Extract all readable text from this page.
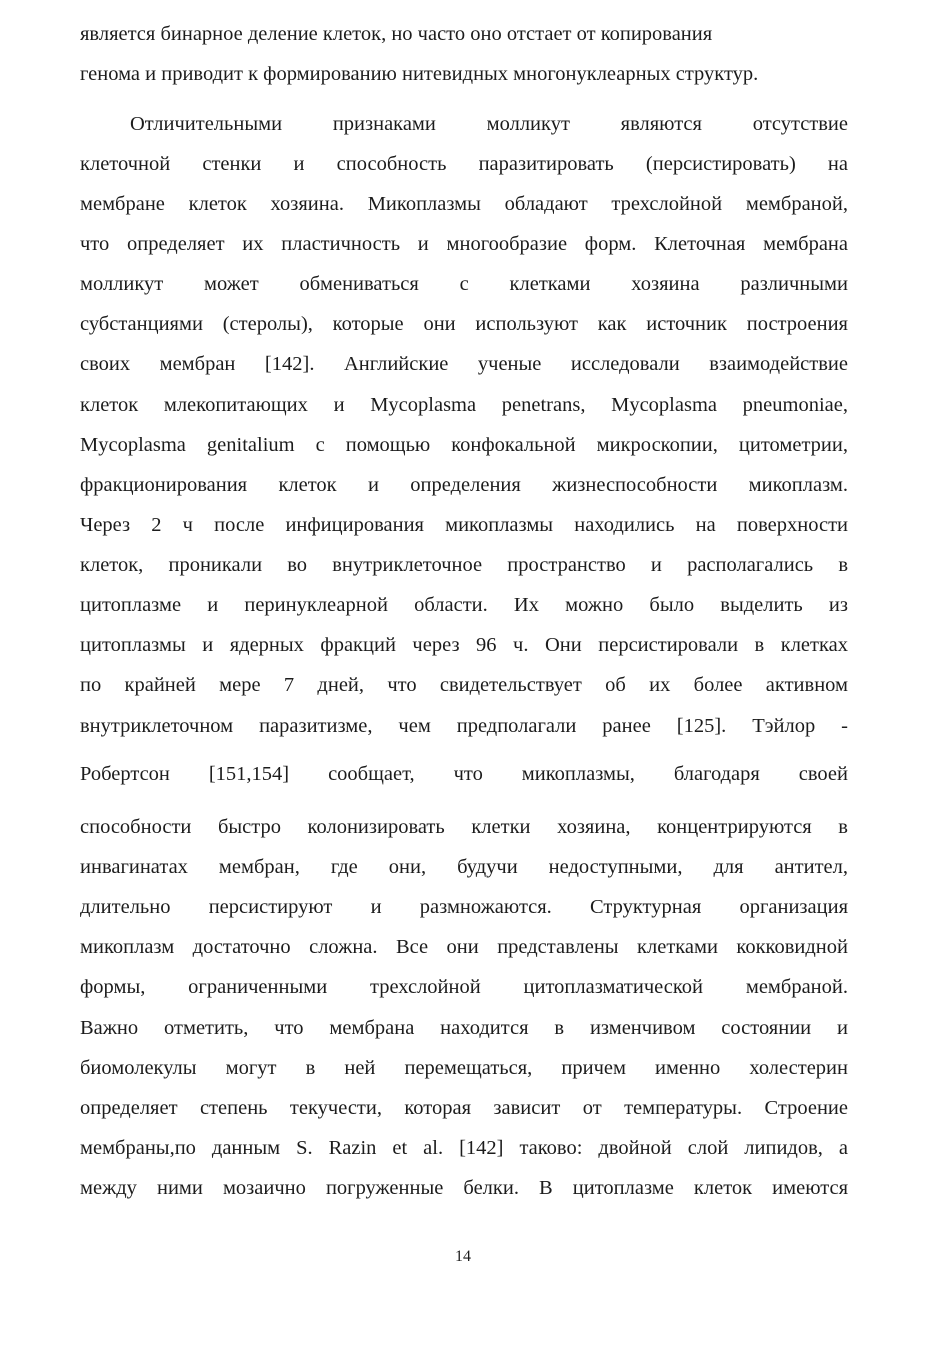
является бинарное деление клеток, но часто оно отстает от копирования
генома и приводит к формированию нитевидных многонуклеарных структур.
Отличительными признаками молликут являются отсутствие
клеточной стенки и способность паразитировать (персистировать) на
мембране клеток хозяина. Микоплазмы обладают трехслойной мембраной,
что определяет их пластичность и многообразие форм. Клеточная мембрана
молликут может обмениваться с клетками хозяина различными
субстанциями (стеролы), которые они используют как источник построения
своих мембран [142]. Английские ученые исследовали взаимодействие
клеток млекопитающих и Mycoplasma penetrans, Mycoplasma pneumoniae,
Mycoplasma genitalium с помощью конфокальной микроскопии, цитометрии,
фракционирования клеток и определения жизнеспособности микоплазм.
Через 2 ч после инфицирования микоплазмы находились на поверхности
клеток, проникали во внутриклеточное пространство и располагались в
цитоплазме и перинуклеарной области. Их можно было выделить из
цитоплазмы и ядерных фракций через 96 ч. Они персистировали в клетках
по крайней мере 7 дней, что свидетельствует об их более активном
внутриклеточном паразитизме, чем предполагали ранее [125]. Тэйлор -
Робертсон [151,154] сообщает, что микоплазмы, благодаря своей
способности быстро колонизировать клетки хозяина, концентрируются в
инвагинатах мембран, где они, будучи недоступными, для антител,
длительно персистируют и размножаются. Структурная организация
микоплазм достаточно сложна. Все они представлены клетками кокковидной
формы, ограниченными трехслойной цитоплазматической мембраной.
Важно отметить, что мембрана находится в изменчивом состоянии и
биомолекулы могут в ней перемещаться, причем именно холестерин
определяет степень текучести, которая зависит от температуры. Строение
мембраны,по данным S. Razin et al. [142] таково: двойной слой липидов, а
между ними мозаично погруженные белки. В цитоплазме клеток имеются
14
